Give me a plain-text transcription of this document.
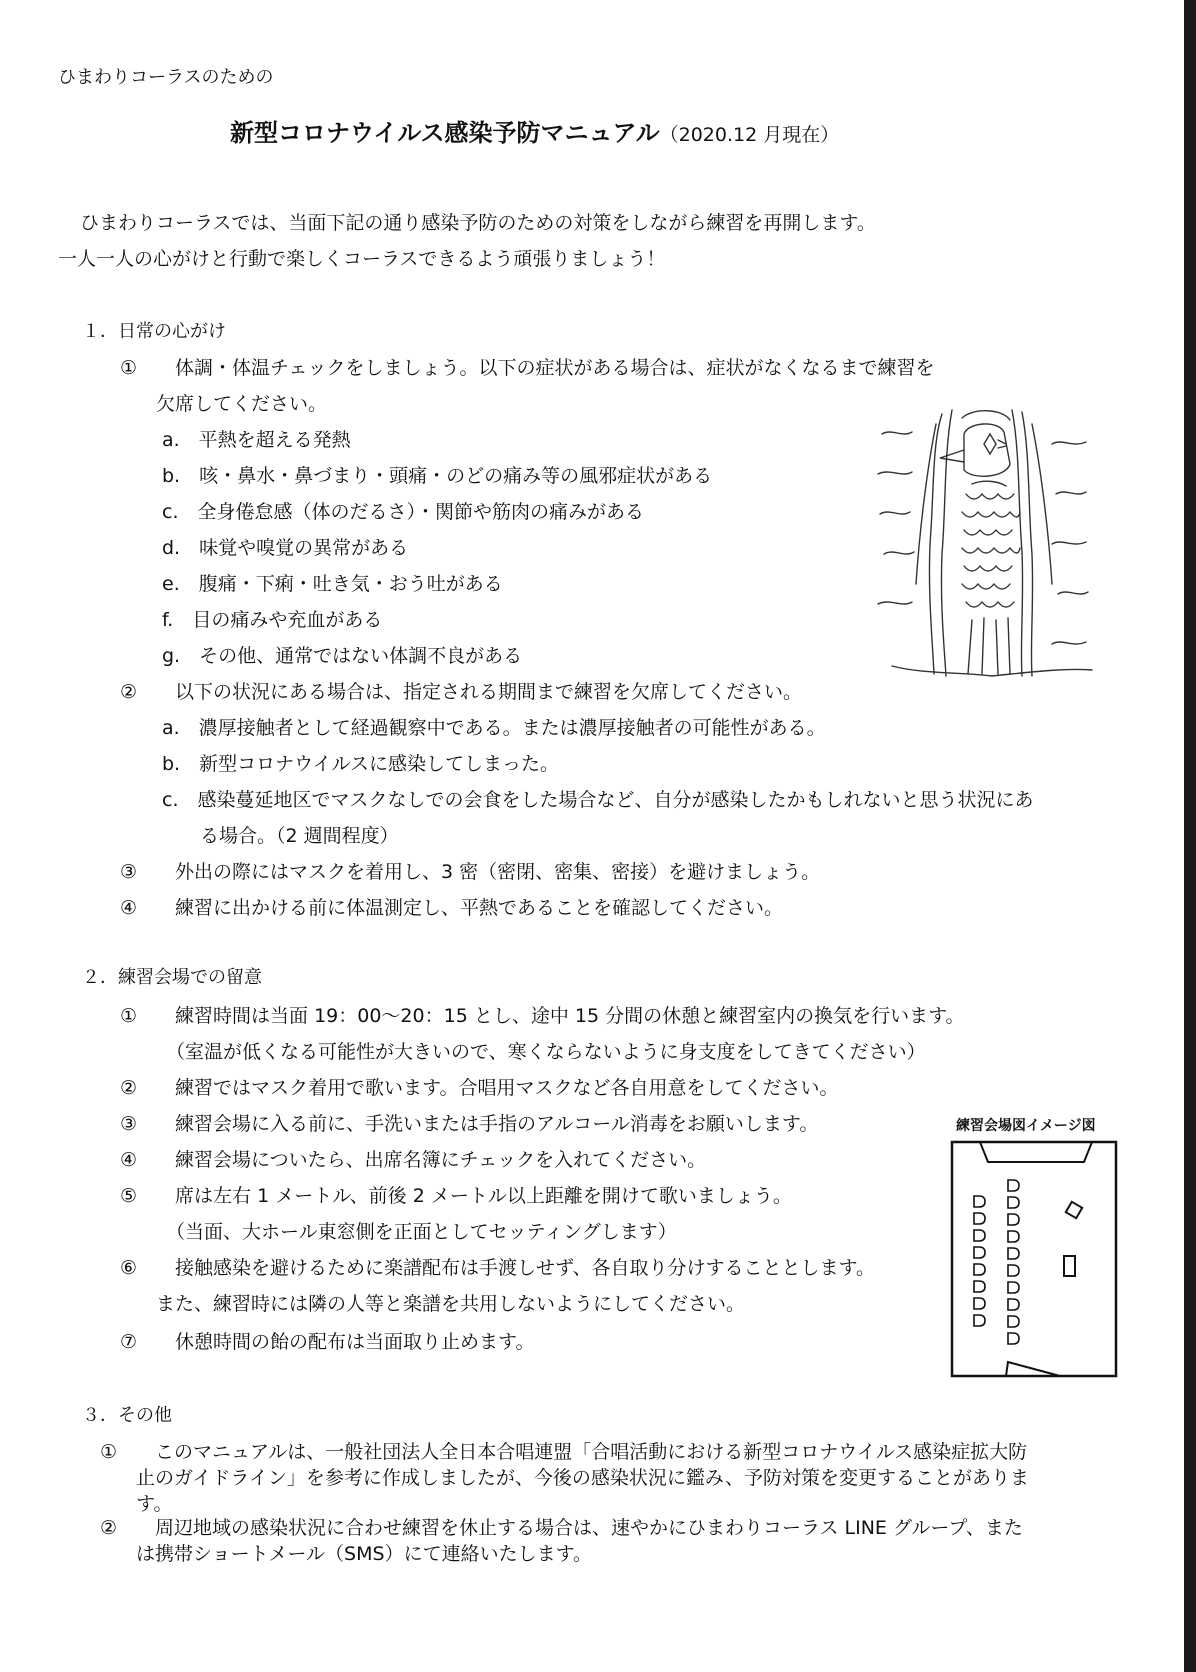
ひまわりコーラスのための
新型コロナウイルス感染予防マニュアル（2020.12 月現在）
ひまわりコーラスでは、当面下記の通り感染予防のための対策をしながら練習を再開します。
一人一人の心がけと行動で楽しくコーラスできるよう頑張りましょう！
１．日常の心がけ
①　　体調・体温チェックをしましょう。以下の症状がある場合は、症状がなくなるまで練習を
欠席してください。
a.　平熱を超える発熱
b.　咳・鼻水・鼻づまり・頭痛・のどの痛み等の風邪症状がある
c.　全身倦怠感（体のだるさ）・関節や筋肉の痛みがある
d.　味覚や嗅覚の異常がある
e.　腹痛・下痢・吐き気・おう吐がある
f.　目の痛みや充血がある
g.　その他、通常ではない体調不良がある
②　　以下の状況にある場合は、指定される期間まで練習を欠席してください。
a.　濃厚接触者として経過観察中である。または濃厚接触者の可能性がある。
b.　新型コロナウイルスに感染してしまった。
c.　感染蔓延地区でマスクなしでの会食をした場合など、自分が感染したかもしれないと思う状況にあ
る場合。（2 週間程度）
③　　外出の際にはマスクを着用し、3 密（密閉、密集、密接）を避けましょう。
④　　練習に出かける前に体温測定し、平熱であることを確認してください。
２．練習会場での留意
①　　練習時間は当面 19：00～20：15 とし、途中 15 分間の休憩と練習室内の換気を行います。
（室温が低くなる可能性が大きいので、寒くならないように身支度をしてきてください）
②　　練習ではマスク着用で歌います。合唱用マスクなど各自用意をしてください。
③　　練習会場に入る前に、手洗いまたは手指のアルコール消毒をお願いします。
④　　練習会場についたら、出席名簿にチェックを入れてください。
⑤　　席は左右 1 メートル、前後 2 メートル以上距離を開けて歌いましょう。
（当面、大ホール東窓側を正面としてセッティングします）
⑥　　接触感染を避けるために楽譜配布は手渡しせず、各自取り分けすることとします。
また、練習時には隣の人等と楽譜を共用しないようにしてください。
⑦　　休憩時間の飴の配布は当面取り止めます。
練習会場図イメージ図
３．その他
①　　このマニュアルは、一般社団法人全日本合唱連盟「合唱活動における新型コロナウイルス感染症拡大防
止のガイドライン」を参考に作成しましたが、今後の感染状況に鑑み、予防対策を変更することがありま
す。
②　　周辺地域の感染状況に合わせ練習を休止する場合は、速やかにひまわりコーラス LINE グループ、また
は携帯ショートメール（SMS）にて連絡いたします。
